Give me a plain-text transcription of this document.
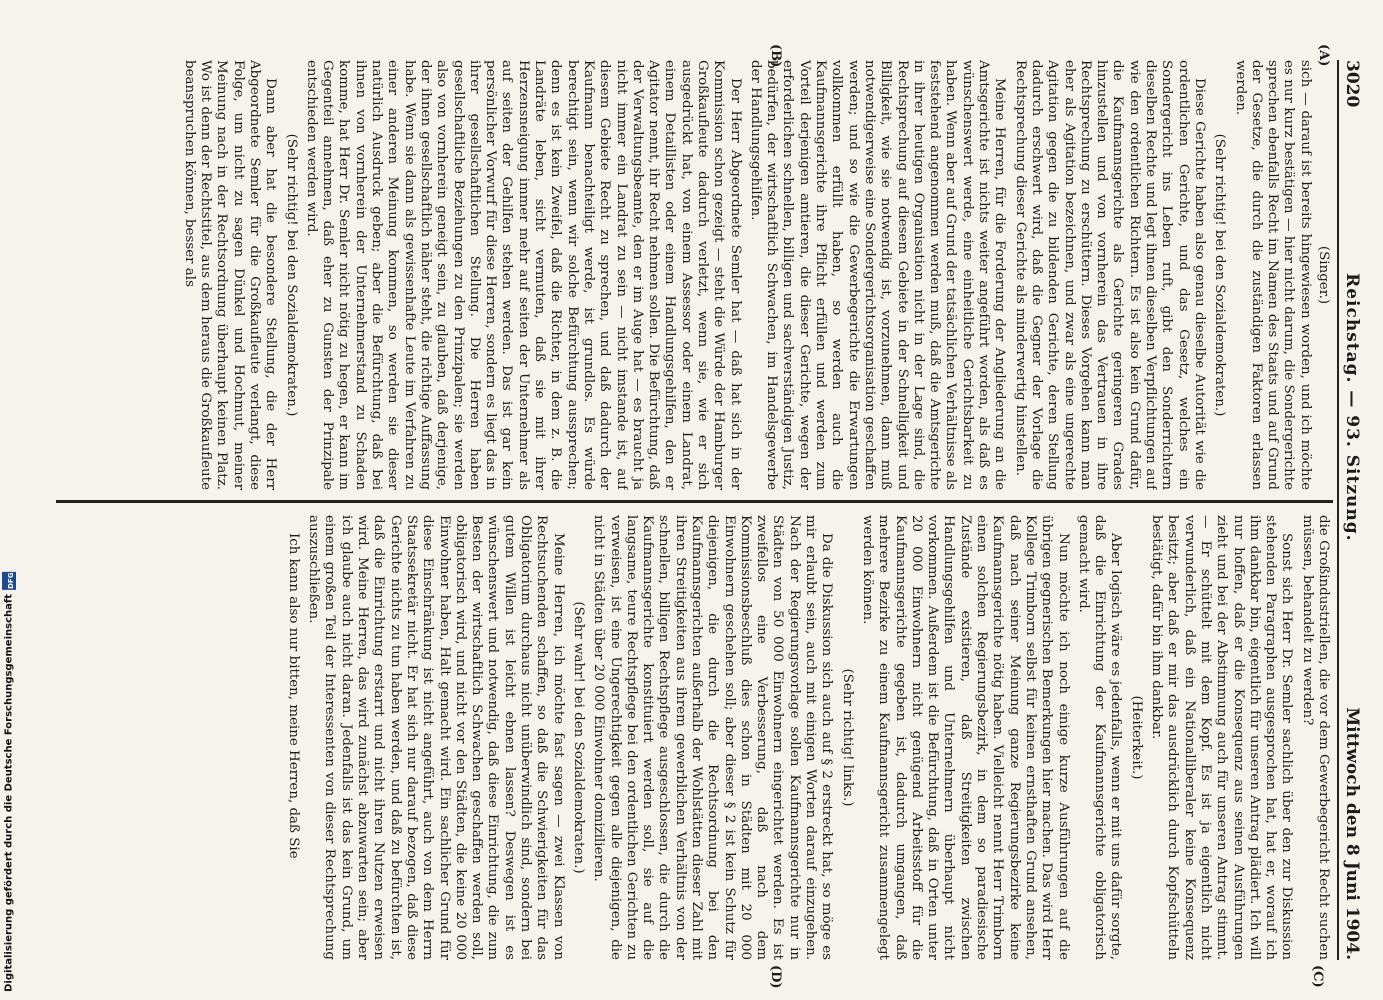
3020
Reichstag. — 93. Sitzung.
Mittwoch den 8 Juni 1904.
(A)
(B)
(C)
(D)

(Singer.)

sich — darauf ist bereits hingewiesen worden, und ich möchte es nur kurz bestätigen — hier nicht darum, die Sondergerichte sprechen ebenfalls Recht im Namen des Staats und auf Grund der Gesetze, die durch die zuständigen Faktoren erlassen werden.

(Sehr richtig! bei den Sozialdemokraten.)

Diese Gerichte haben also genau dieselbe Autorität wie die ordentlichen Gerichte, und das Gesetz, welches ein Sondergericht ins Leben ruft, gibt den Sonderrichtern dieselben Rechte und legt ihnen dieselben Verpflichtungen auf wie den ordentlichen Richtern. Es ist also kein Grund dafür, die Kaufmannsgerichte als Gerichte geringeren Grades hinzustellen und von vornherein das Vertrauen in ihre Rechtsprechung zu erschüttern. Dieses Vorgehen kann man eher als Agitation bezeichnen, und zwar als eine ungerechte Agitation gegen die zu bildenden Gerichte, deren Stellung dadurch erschwert wird, daß die Gegner der Vorlage die Rechtsprechung dieser Gerichte als minderwertig hinstellen.

Meine Herren, für die Forderung der Angliederung an die Amtsgerichte ist nichts weiter angeführt worden, als daß es wünschenswert werde, eine einheitliche Gerichtsbarkeit zu haben. Wenn aber auf Grund der tatsächlichen Verhältnisse als feststehend angenommen werden muß, daß die Amtsgerichte in ihrer heutigen Organisation nicht in der Lage sind, die Rechtsprechung auf diesem Gebiete in der Schnelligkeit und Billigkeit, wie sie notwendig ist, vorzunehmen, dann muß notwendigerweise eine Sondergerichtsorganisation geschaffen werden; und so wie die Gewerbegerichte die Erwartungen vollkommen erfüllt haben, so werden auch die Kaufmannsgerichte ihre Pflicht erfüllen und werden zum Vorteil derjenigen amtieren, die dieser Gerichte, wegen der erforderlichen schnellen, billigen und sachverständigen Justiz, bedürfen, der wirtschaftlich Schwachen, im Handelsgewerbe der Handlungsgehilfen.

Der Herr Abgeordnete Semler hat — daß hat sich in der Kommission schon gezeigt — steht die Würde der Hamburger Großkaufleute dadurch verletzt, wenn sie, wie er sich ausgedrückt hat, von einem Assessor oder einem Landrat, einem Detaillisten oder einem Handlungsgehilfen, den er Agitator nennt, ihr Recht nehmen sollen. Die Befürchtung, daß der Verwaltungsbeamte, den er im Auge hat — es braucht ja nicht immer ein Landrat zu sein — nicht imstande ist, auf diesem Gebiete Recht zu sprechen, und daß dadurch der Kaufmann benachteiligt werde, ist grundlos. Es würde berechtigt sein, wenn wir solche Befürchtung aussprechen; denn es ist kein Zweifel, daß die Richter, in dem z. B. die Landräte leben, sicht vermuten, daß sie mit ihrer Herzensneigung immer mehr auf seiten der Unternehmer als auf seiten der Gehilfen stehen werden. Das ist gar kein persönlicher Vorwurf für diese Herren, sondern es liegt das in ihrer gesellschaftlichen Stellung. Die Herren haben gesellschaftliche Beziehungen zu den Prinzipalen; sie werden also von vornherein geneigt sein, zu glauben, daß derjenige, der ihnen gesellschaftlich näher steht, die richtige Auffassung habe. Wenn sie dann als gewissenhafte Leute im Verfahren zu einer anderen Meinung kommen, so werden sie dieser natürlich Ausdruck geben; aber die Befürchtung, daß bei ihnen von vornherein der Unternehmerstand zu Schaden komme, hat Herr Dr. Semler nicht nötig zu hegen, er kann im Gegenteil annehmen, daß eher zu Gunsten der Prinzipale entschieden werden wird.

(Sehr richtig! bei den Sozialdemokraten.)

Dann aber hat die besondere Stellung, die der Herr Abgeordnete Semler für die Großkaufleute verlangt, diese Folge, um nicht zu sagen Dünkel und Hochmut, meiner Meinung nach in der Rechtsordnung überhaupt keinen Platz. Wo ist denn der Rechtstitel, aus dem heraus die Großkaufleute beanspruchen können, besser als

die Großindustriellen, die vor dem Gewerbegericht Recht suchen müssen, behandelt zu werden?

Sonst sich Herr Dr. Semler sachlich über den zur Diskussion stehenden Paragraphen ausgesprochen hat, hat er, worauf ich ihm dankbar bin, eigentlich für unseren Antrag plädiert. Ich will nur hoffen, daß er die Konsequenz aus seinen Ausführungen zieht und bei der Abstimmung auch für unseren Antrag stimmt. — Er schüttelt mit dem Kopf. Es ist ja eigentlich nicht verwunderlich, daß ein Nationalliberaler keine Konsequenz besitzt; aber daß er mir das ausdrücklich durch Kopfschütteln bestätigt, dafür bin ihm dankbar.

(Heiterkeit.)

Aber logisch wäre es jedenfalls, wenn er mit uns dafür sorgte, daß die Einrichtung der Kaufmannsgerichte obligatorisch gemacht wird.

Nun möchte ich noch einige kurze Ausführungen auf die übrigen gegnerischen Bemerkungen hier machen. Das wird Herr Kollege Trimborn selbst für keinen ernsthaften Grund ansehen, daß nach seiner Meinung ganze Regierungsbezirke keine Kaufmannsgerichte nötig haben. Vielleicht nennt Herr Trimborn einen solchen Regierungsbezirk, in dem so paradiesische Zustände existieren, daß Streitigkeiten zwischen Handlungsgehilfen und Unternehmern überhaupt nicht vorkommen. Außerdem ist die Befürchtung, daß in Orten unter 20 000 Einwohnern nicht genügend Arbeitsstoff für die Kaufmannsgerichte gegeben ist, dadurch umgangen, daß mehrere Bezirke zu einem Kaufmannsgericht zusammengelegt werden können.

(Sehr richtig! links.)

Da die Diskussion sich auch auf § 2 erstreckt hat, so möge es mir erlaubt sein, auch mit einigen Worten darauf einzugehen. Nach der Regierungsvorlage sollen Kaufmannsgerichte nur in Städten von 50 000 Einwohnern eingerichtet werden. Es ist zweifellos eine Verbesserung, daß nach dem Kommissionsbeschluß dies schon in Städten mit 20 000 Einwohnern geschehen soll; aber dieser § 2 ist kein Schutz für diejenigen, die durch die Rechtsordnung bei den Kaufmannsgerichten außerhalb der Wohlstätten dieser Zahl mit ihren Streitigkeiten aus ihrem gewerblichen Verhältnis von der schnellen, billigen Rechtspflege ausgeschlossen, die durch die Kaufmannsgerichte konstituiert werden soll, sie auf die langsame, teure Rechtspflege bei den ordentlichen Gerichten zu verweisen, ist eine Ungerechtigkeit gegen alle diejenigen, die nicht in Städten über 20 000 Einwohner domizilieren.

(Sehr wahr! bei den Sozialdemokraten.)

Meine Herren, ich möchte fast sagen — zwei Klassen von Rechtsuchenden schaffen, so daß die Schwierigkeiten für das Obligatorium durchaus nicht unüberwindlich sind, sondern bei gutem Willen ist leicht ebnen lassen? Deswegen ist es wünschenswert und notwendig, daß diese Einrichtung, die zum Besten der wirtschaftlich Schwachen geschaffen werden soll, obligatorisch wird, und nicht vor den Städten, die keine 20 000 Einwohner haben, Halt gemacht wird. Ein sachlicher Grund für diese Einschränkung ist nicht angeführt, auch von dem Herrn Staatssekretär nicht. Er hat sich nur darauf bezogen, daß diese Gerichte nichts zu tun haben werden, und daß zu befürchten ist, daß die Einrichtung erstarrt und nicht ihren Nutzen erweisen wird. Meine Herren, das wird zunächst abzuwarten sein; aber ich glaube auch nicht daran. Jedenfalls ist das kein Grund, um einem großen Teil der Interessenten von dieser Rechtsprechung auszuschließen.

Ich kann also nur bitten, meine Herren, daß Sie

Digitalisierung gefördert durch die Deutsche Forschungsgemeinschaft
DFG
